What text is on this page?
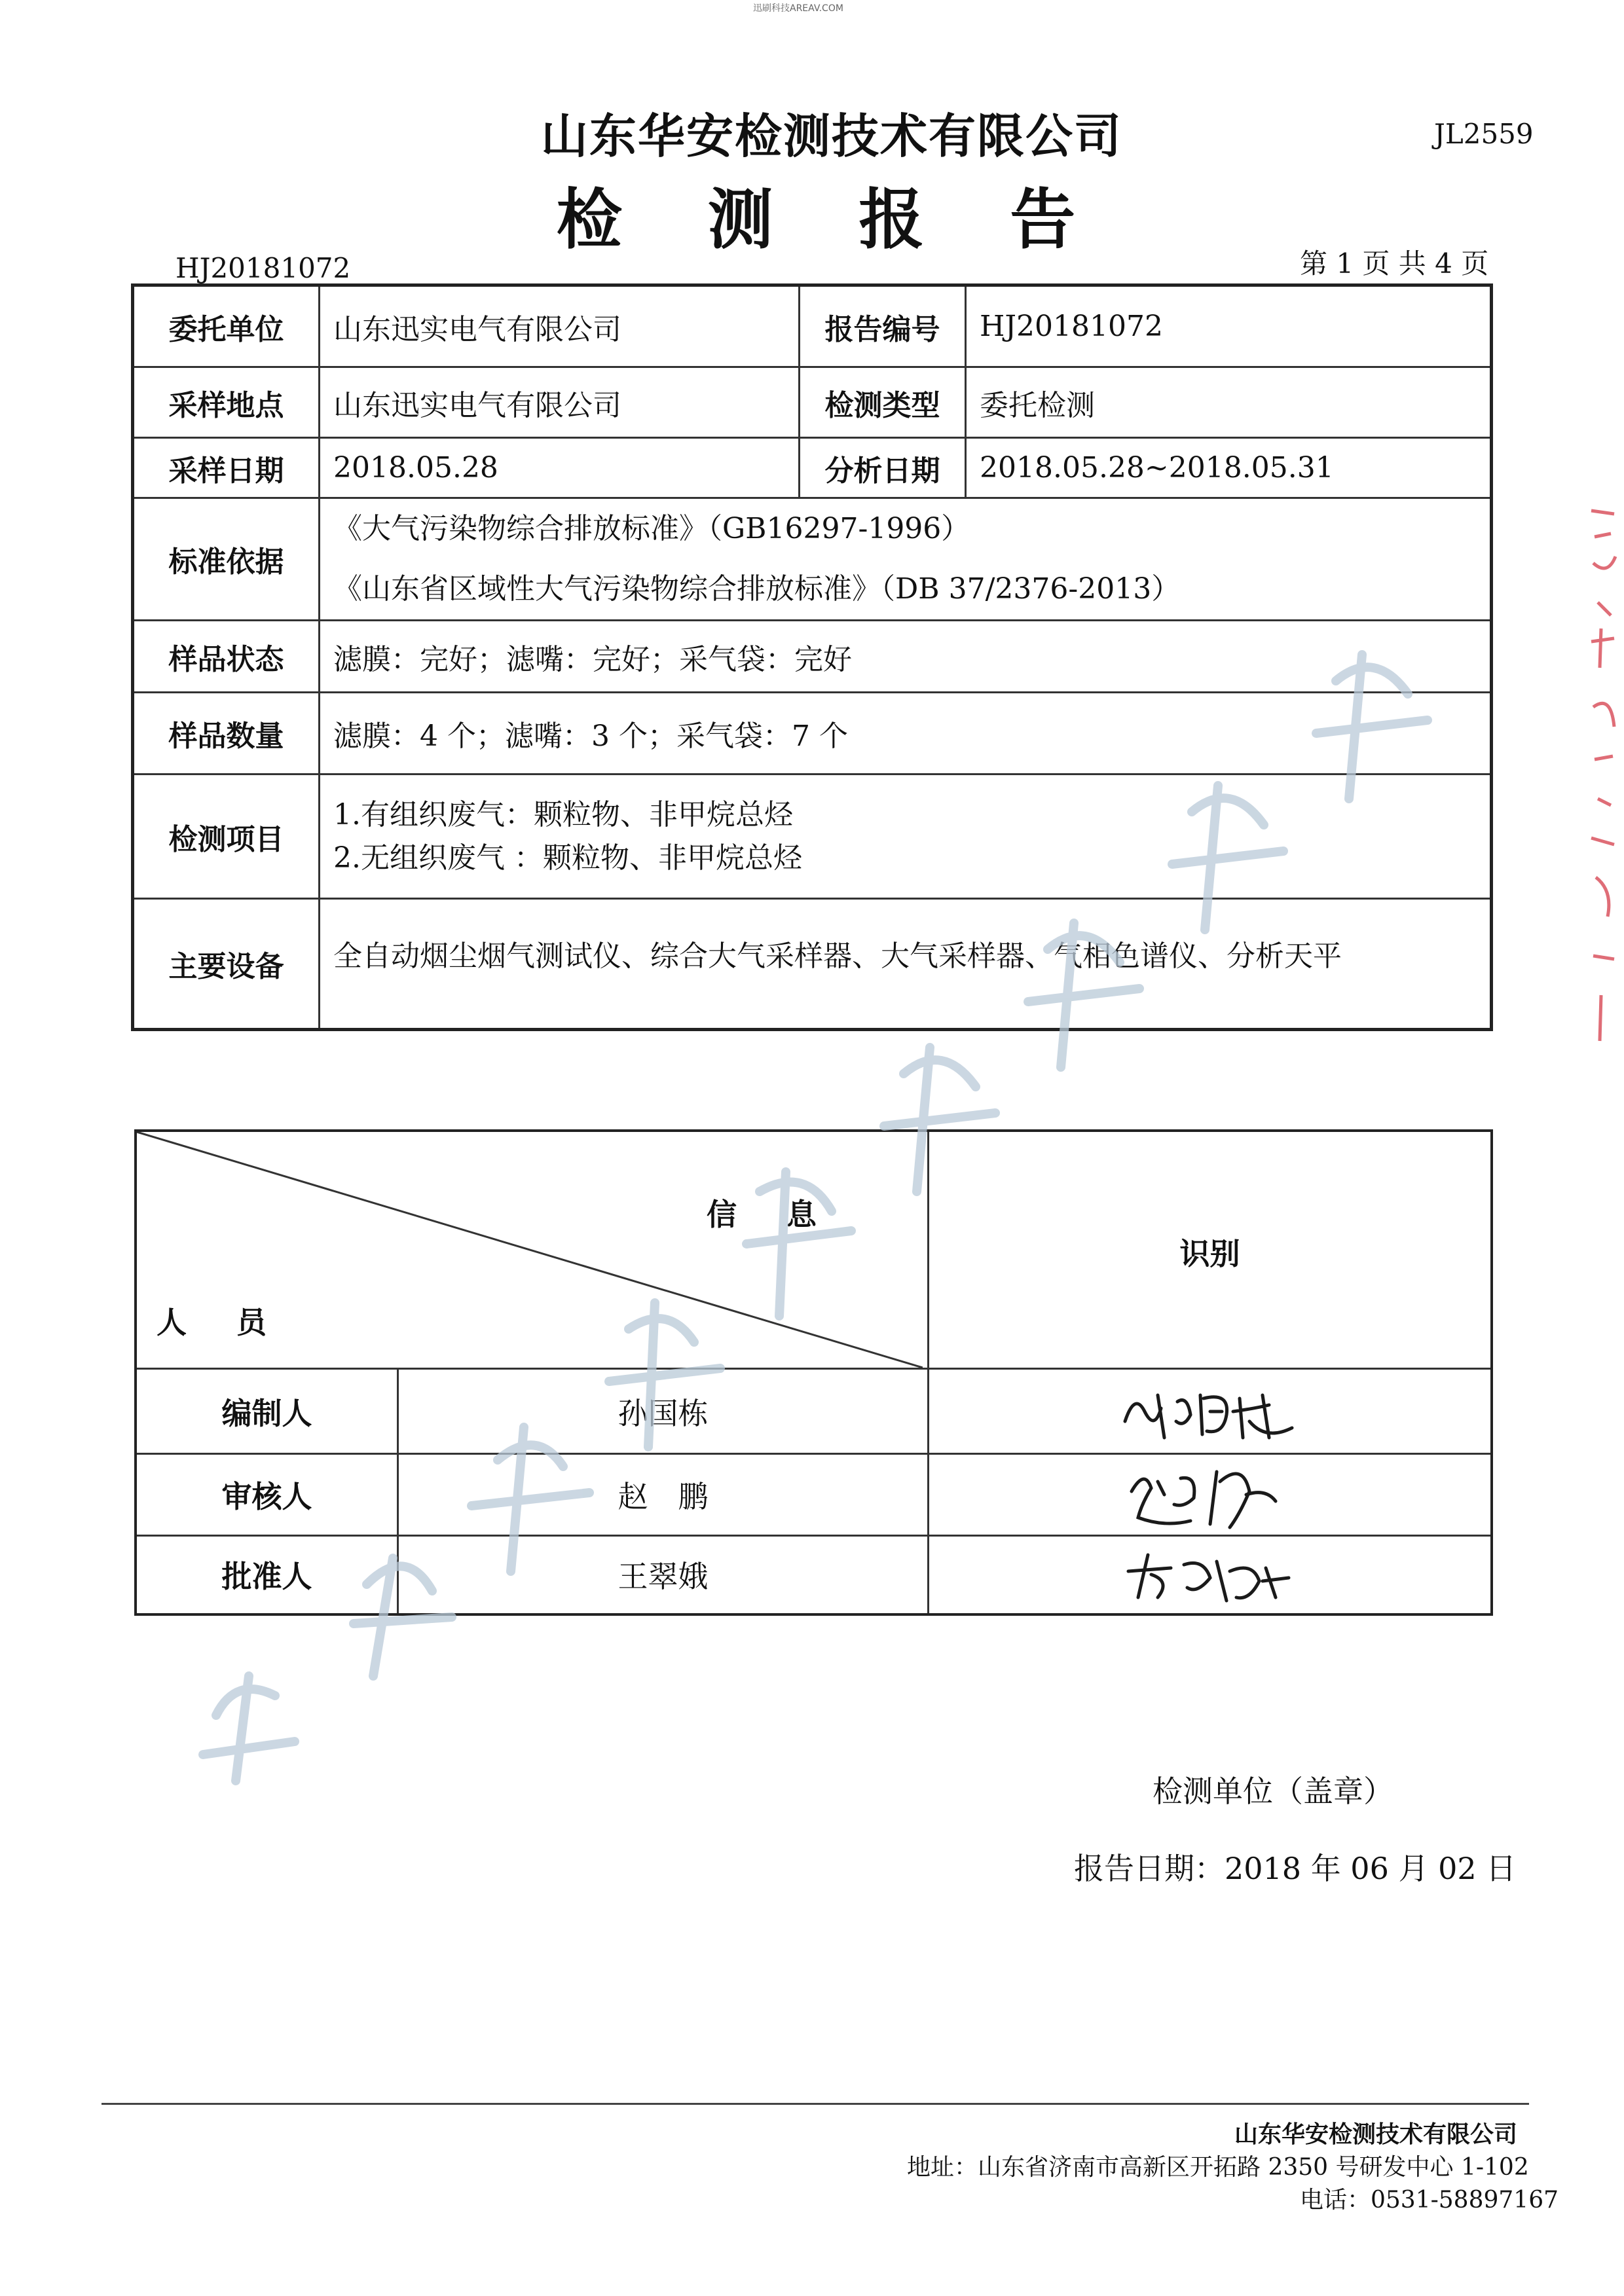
迅刷科技AREAV.COM
山东华安检测技术有限公司	JL2559
检 测 报 告
HJ20181072	第 1 页 共 4 页
委托单位	山东迅实电气有限公司	报告编号	HJ20181072
采样地点	山东迅实电气有限公司	检测类型	委托检测
采样日期	2018.05.28	分析日期	2018.05.28~2018.05.31
标准依据	《大气污染物综合排放标准》（GB16297-1996）
《山东省区域性大气污染物综合排放标准》（DB 37/2376-2013）		

样品状态	滤膜：完好；滤嘴：完好；采气袋：完好		
样品数量	滤膜：4 个；滤嘴：3 个；采气袋：7 个		
检测项目	1.有组织废气：颗粒物、非甲烷总烃
2.无组织废气 ：颗粒物、非甲烷总烃		

主要设备	全自动烟尘烟气测试仪、综合大气采样器、大气采样器、气相色谱仪、分析天平		
信 息
人 员		识别
编制人	孙国栋	

审核人	赵　鹏	

批准人	王翠娥	
检测单位（盖章）
报告日期：2018 年 06 月 02 日
山东华安检测技术有限公司
地址：山东省济南市高新区开拓路 2350 号研发中心 1-102
电话：0531-58897167
